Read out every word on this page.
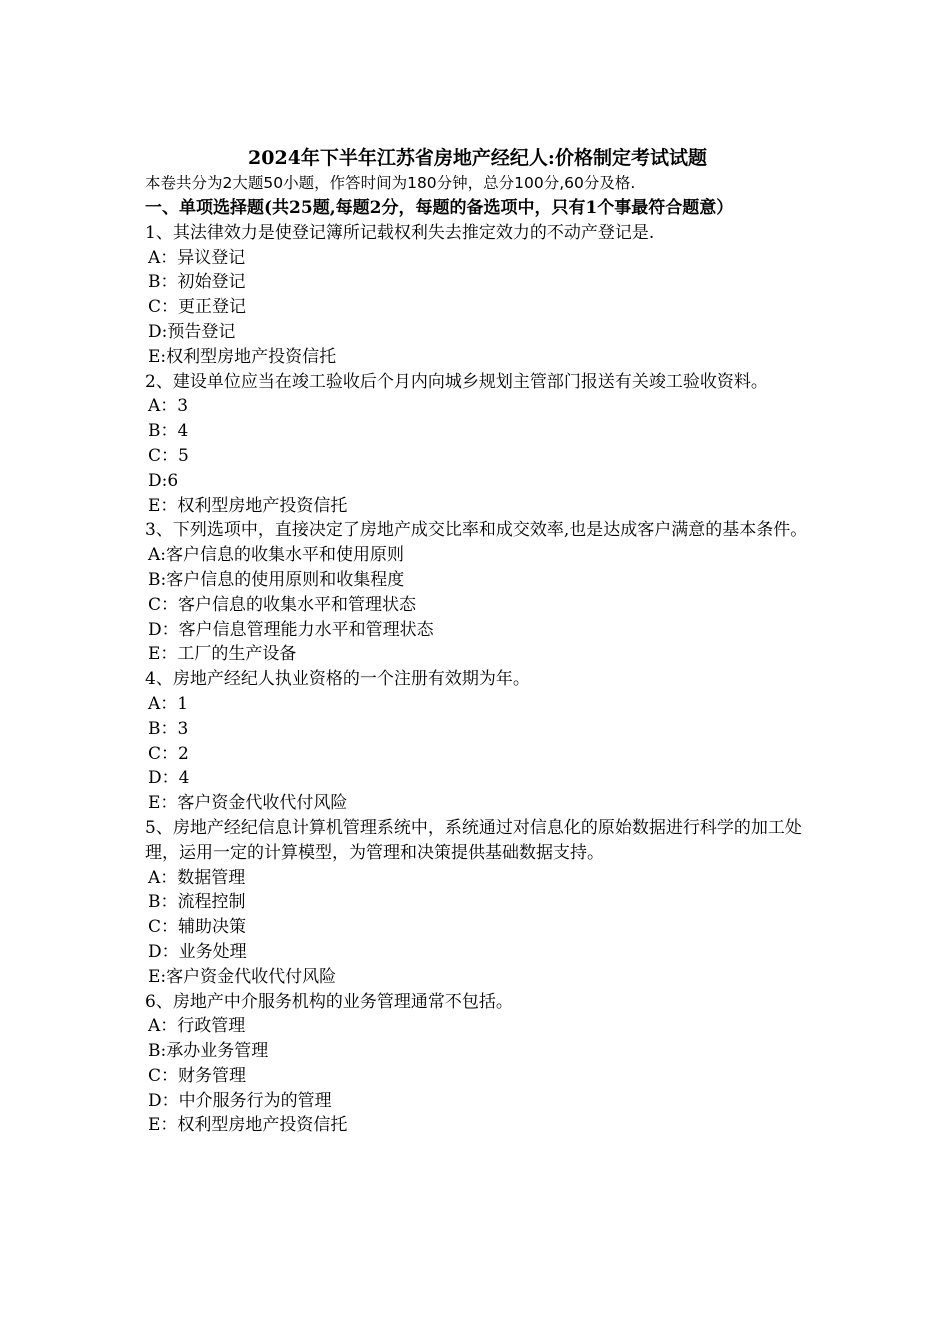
2024年下半年江苏省房地产经纪人:价格制定考试试题
本卷共分为2大题50小题，作答时间为180分钟，总分100分,60分及格.
一、单项选择题(共25题,每题2分，每题的备选项中，只有1个事最符合题意）
1、其法律效力是使登记簿所记载权利失去推定效力的不动产登记是.
A：异议登记
B：初始登记
C：更正登记
D:预告登记
E:权利型房地产投资信托
2、建设单位应当在竣工验收后个月内向城乡规划主管部门报送有关竣工验收资料。
A：3
B：4
C：5
D:6
E：权利型房地产投资信托
3、下列选项中，直接决定了房地产成交比率和成交效率,也是达成客户满意的基本条件。
A:客户信息的收集水平和使用原则
B:客户信息的使用原则和收集程度
C：客户信息的收集水平和管理状态
D：客户信息管理能力水平和管理状态
E：工厂的生产设备
4、房地产经纪人执业资格的一个注册有效期为年。
A：1
B：3
C：2
D：4
E：客户资金代收代付风险
5、房地产经纪信息计算机管理系统中，系统通过对信息化的原始数据进行科学的加工处理，运用一定的计算模型，为管理和决策提供基础数据支持。
A：数据管理
B：流程控制
C：辅助决策
D：业务处理
E:客户资金代收代付风险
6、房地产中介服务机构的业务管理通常不包括。
A：行政管理
B:承办业务管理
C：财务管理
D：中介服务行为的管理
E：权利型房地产投资信托
